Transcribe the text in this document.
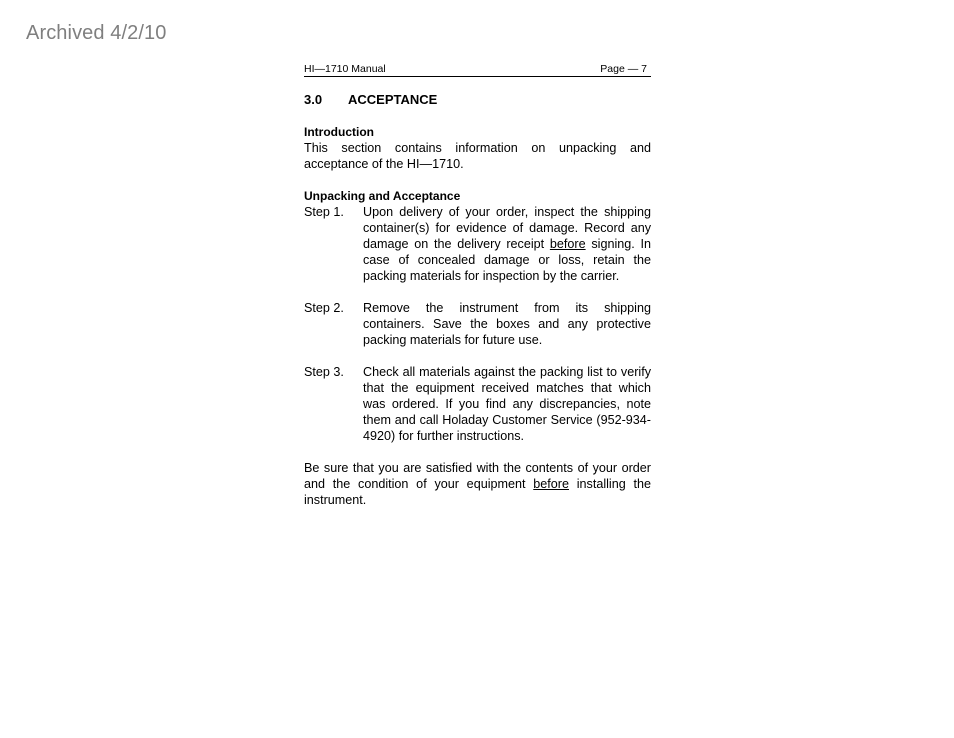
Archived 4/2/10
HI—1710 Manual	Page — 7
3.0 ACCEPTANCE
Introduction
This section contains information on unpacking and acceptance of the HI—1710.
Unpacking and Acceptance
Step 1.	Upon delivery of your order, inspect the shipping container(s) for evidence of damage. Record any damage on the delivery receipt before signing. In case of concealed damage or loss, retain the packing materials for inspection by the carrier.
Step 2.	Remove the instrument from its shipping containers. Save the boxes and any protective packing materials for future use.
Step 3.	Check all materials against the packing list to verify that the equipment received matches that which was ordered. If you find any discrepancies, note them and call Holaday Customer Service (952-934-4920) for further instructions.
Be sure that you are satisfied with the contents of your order and the condition of your equipment before installing the instrument.
